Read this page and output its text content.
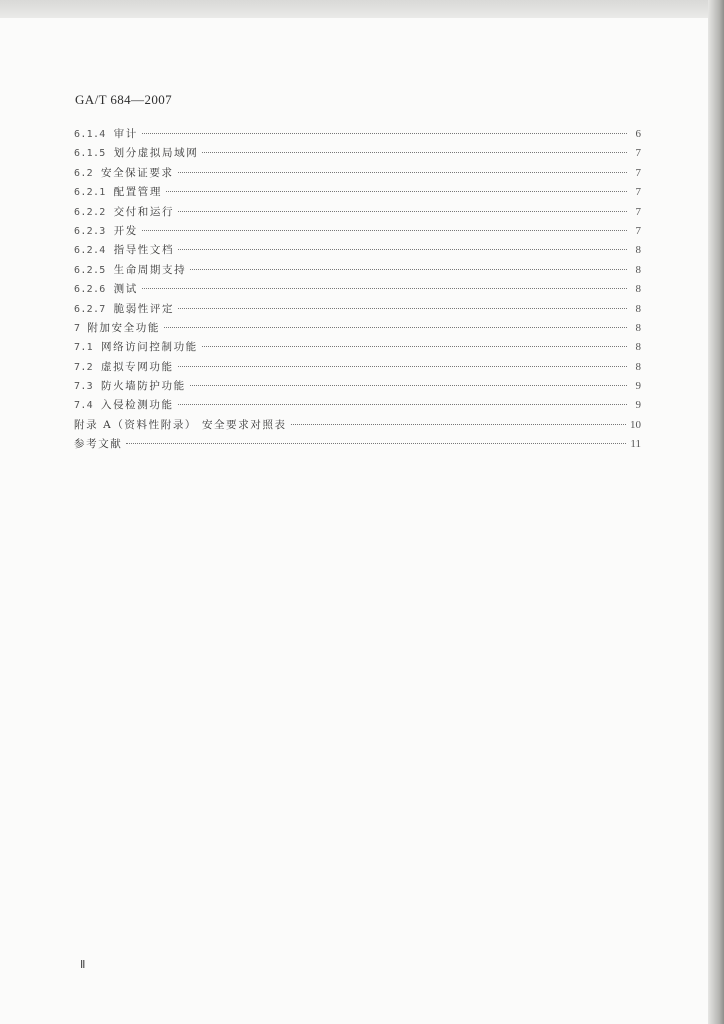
GA/T 684—2007
6.1.4 审计	6
6.1.5 划分虚拟局域网	7
6.2 安全保证要求	7
6.2.1 配置管理	7
6.2.2 交付和运行	7
6.2.3 开发	7
6.2.4 指导性文档	8
6.2.5 生命周期支持	8
6.2.6 测试	8
6.2.7 脆弱性评定	8
7 附加安全功能	8
7.1 网络访问控制功能	8
7.2 虚拟专网功能	8
7.3 防火墙防护功能	9
7.4 入侵检测功能	9
附录 A（资料性附录） 安全要求对照表	10
参考文献	11
Ⅱ
